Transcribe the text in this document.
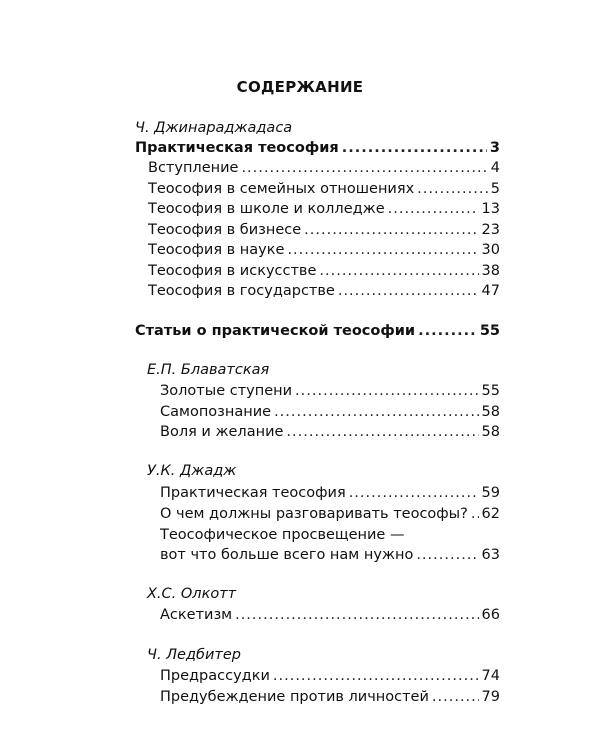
СОДЕРЖАНИЕ
Ч. Джинараджадаса
Практическая теософия .....	3
Вступление .....	4
Теософия в семейных отношениях .....	5
Теософия в школе и колледже .....	13
Теософия в бизнесе .....	23
Теософия в науке .....	30
Теософия в искусстве .....	38
Теософия в государстве .....	47
Статьи о практической теософии .....	55
Е.П. Блаватская
Золотые ступени .....	55
Самопознание .....	58
Воля и желание .....	58
У.К. Джадж
Практическая теософия .....	59
О чем должны разговаривать теософы? ..... 62
Теософическое просвещение —
вот что больше всего нам нужно .....	63
Х.С. Олкотт
Аскетизм .....	66
Ч. Ледбитер
Предрассудки .....	74
Предубеждение против личностей .....	79
